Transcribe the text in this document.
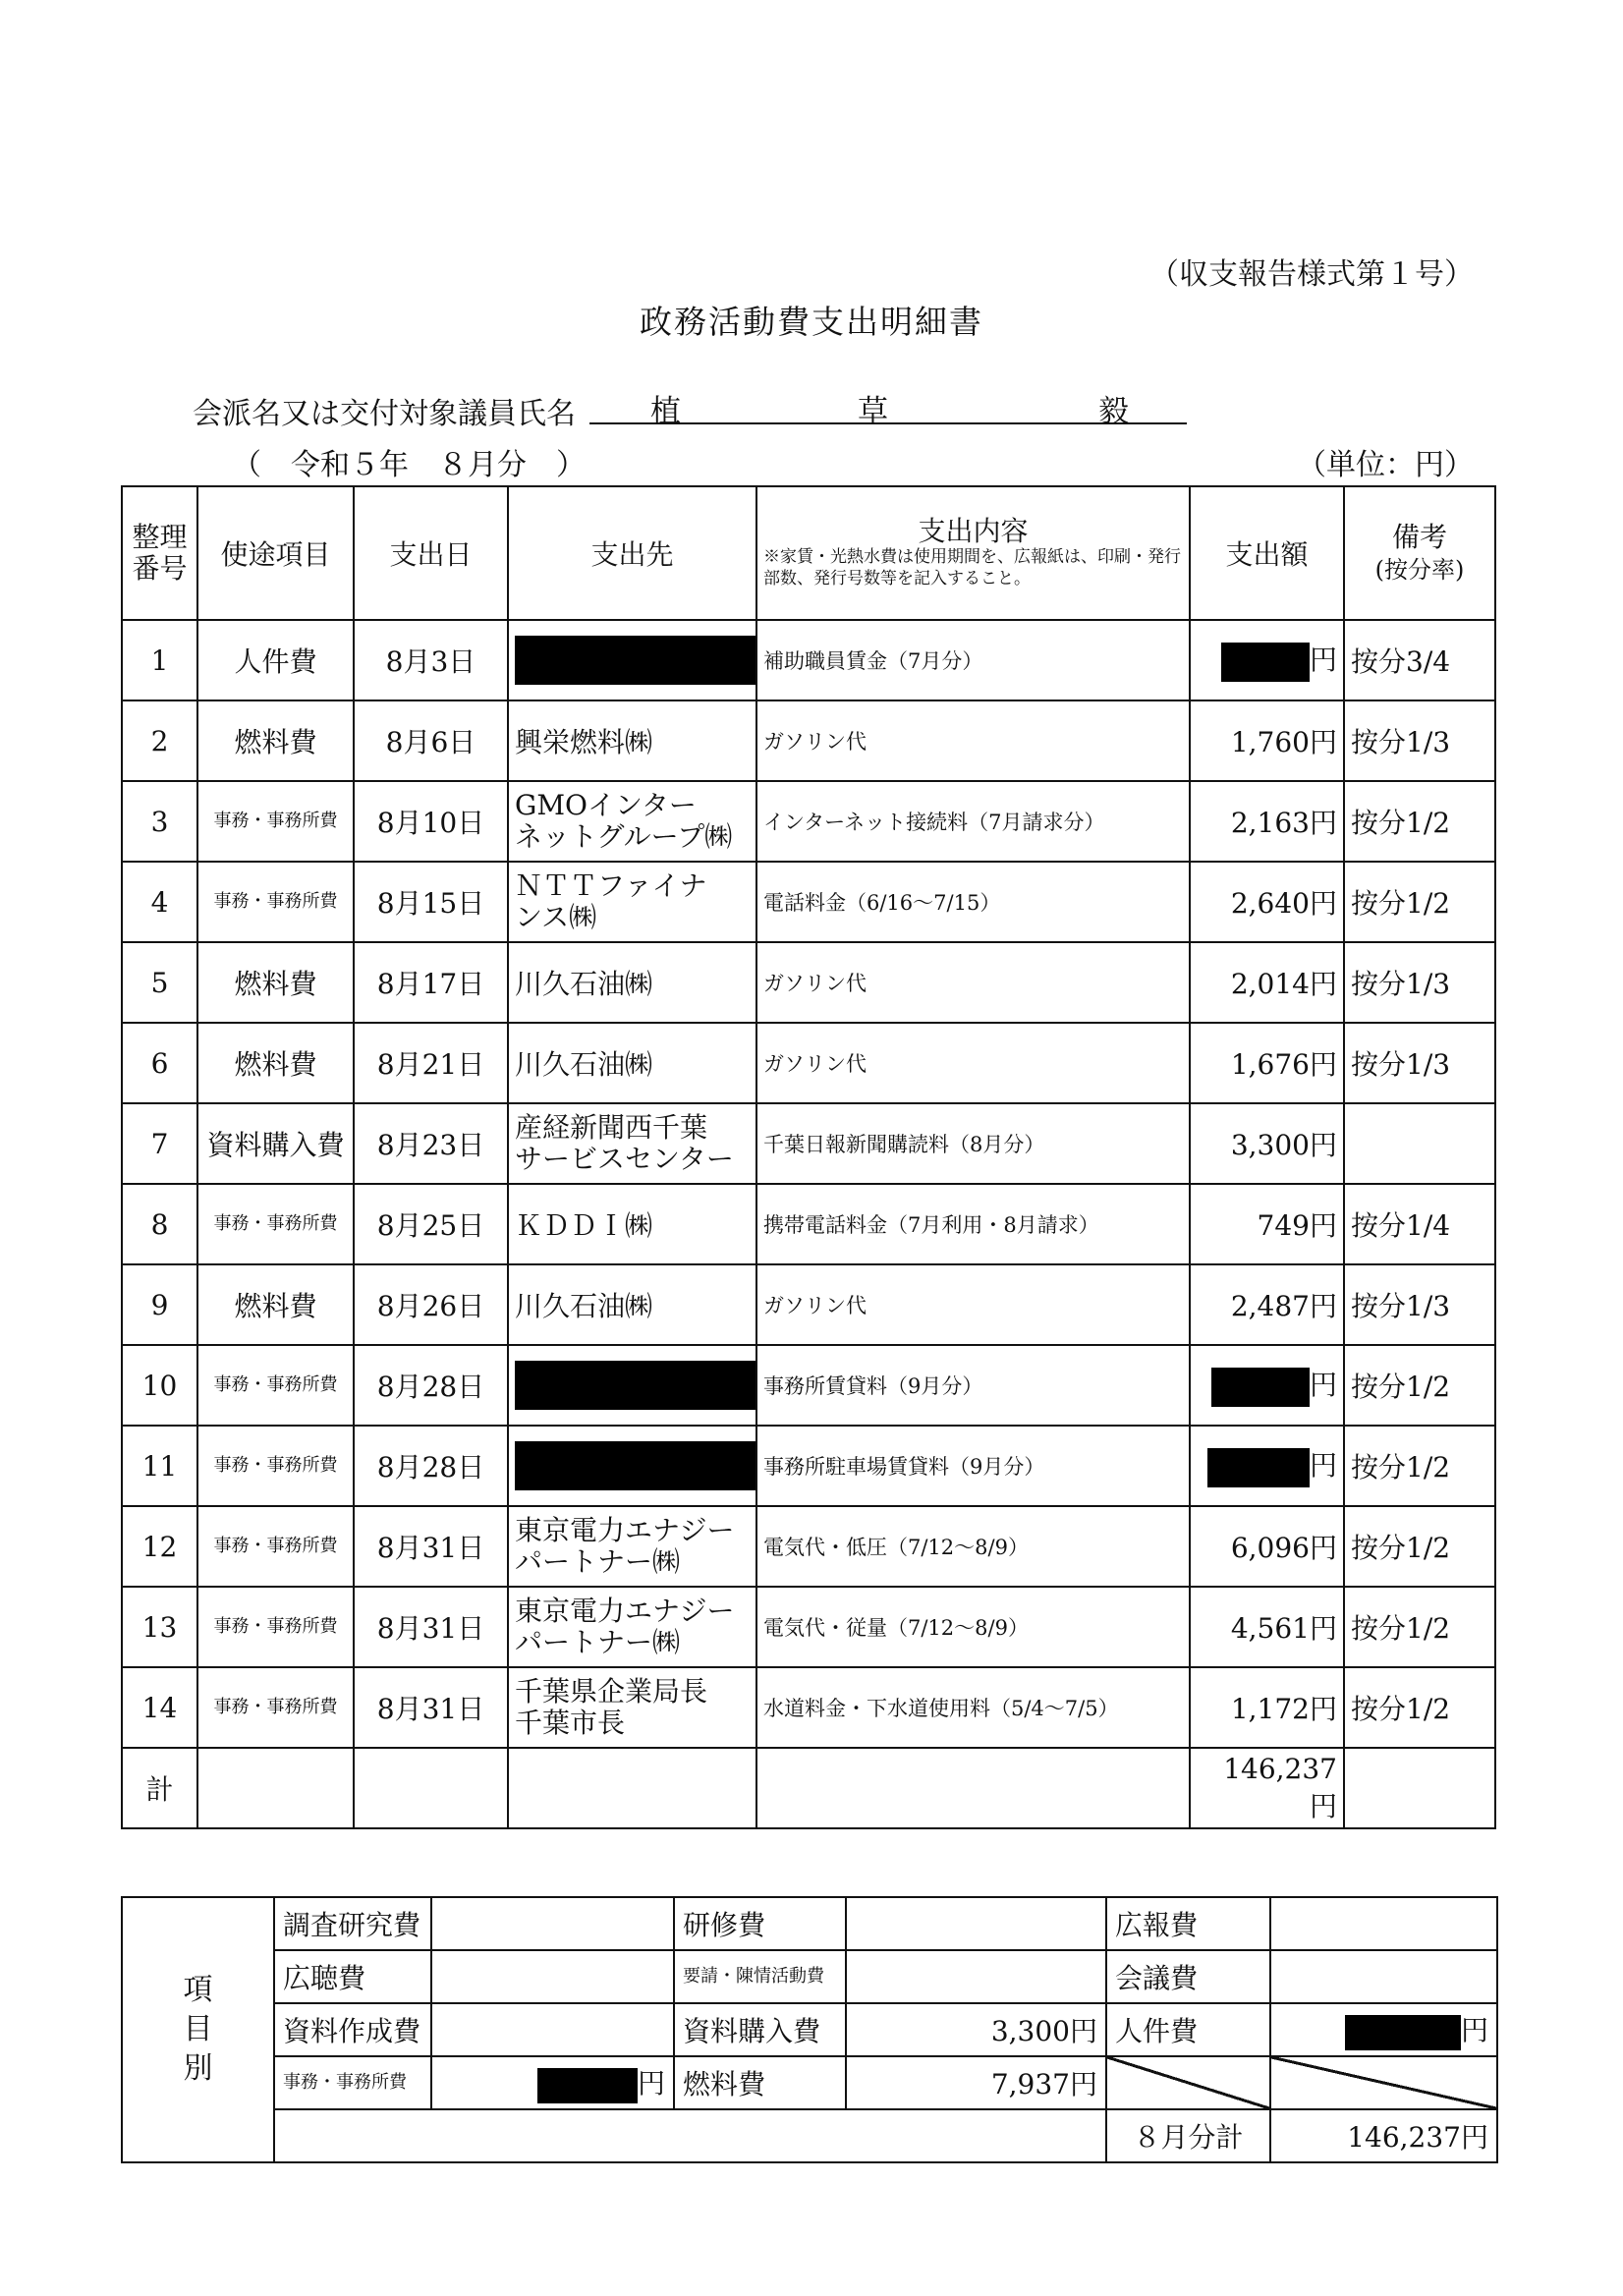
（収支報告様式第１号）
政務活動費支出明細書
会派名又は交付対象議員氏名 植	草	毅
（　令和５年　８月分　）	（単位：円）
整理
番号	使途項目	支出日	支出先	支出内容
※家賃・光熱水費は使用期間を、広報紙は、印刷・発行部数、発行号数等を記入すること。	支出額	備考
(按分率)
1	人件費	8月3日		補助職員賃金（7月分）	円	按分3/4
2	燃料費	8月6日	興栄燃料㈱	ガソリン代	1,760円	按分1/3
3	事務・事務所費	8月10日	GMOインター
ネットグループ㈱	インターネット接続料（7月請求分）	2,163円	按分1/2
4	事務・事務所費	8月15日	ＮＴＴファイナ
ンス㈱	電話料金（6/16～7/15）	2,640円	按分1/2
5	燃料費	8月17日	川久石油㈱	ガソリン代	2,014円	按分1/3
6	燃料費	8月21日	川久石油㈱	ガソリン代	1,676円	按分1/3
7	資料購入費	8月23日	産経新聞西千葉
サービスセンター	千葉日報新聞購読料（8月分）	3,300円	
8	事務・事務所費	8月25日	ＫＤＤＩ㈱	携帯電話料金（7月利用・8月請求）	749円	按分1/4
9	燃料費	8月26日	川久石油㈱	ガソリン代	2,487円	按分1/3
10	事務・事務所費	8月28日		事務所賃貸料（9月分）	円	按分1/2
11	事務・事務所費	8月28日		事務所駐車場賃貸料（9月分）	円	按分1/2
12	事務・事務所費	8月31日	東京電力エナジー
パートナー㈱	電気代・低圧（7/12～8/9）	6,096円	按分1/2
13	事務・事務所費	8月31日	東京電力エナジー
パートナー㈱	電気代・従量（7/12～8/9）	4,561円	按分1/2
14	事務・事務所費	8月31日	千葉県企業局長
千葉市長	水道料金・下水道使用料（5/4～7/5）	1,172円	按分1/2
計					146,237円	
項
目
別	調査研究費		研修費		広報費	
	広聴費		要請・陳情活動費		会議費	
	資料作成費		資料購入費	3,300円	人件費	円
	事務・事務所費	円	燃料費	7,937円		
					８月分計	146,237円
